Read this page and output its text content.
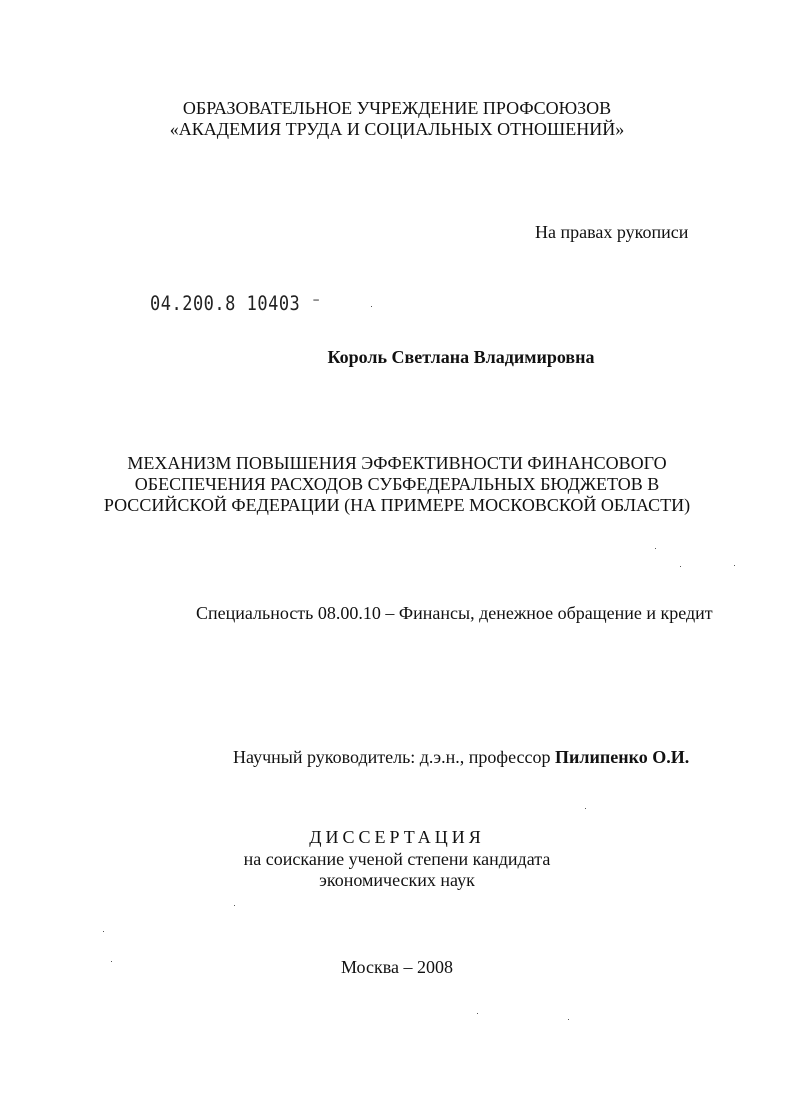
ОБРАЗОВАТЕЛЬНОЕ УЧРЕЖДЕНИЕ ПРОФСОЮЗОВ
«АКАДЕМИЯ ТРУДА И СОЦИАЛЬНЫХ ОТНОШЕНИЙ»
На правах рукописи
04.200.8 10403 ⁻
Король Светлана Владимировна
МЕХАНИЗМ ПОВЫШЕНИЯ ЭФФЕКТИВНОСТИ ФИНАНСОВОГО
ОБЕСПЕЧЕНИЯ РАСХОДОВ СУБФЕДЕРАЛЬНЫХ БЮДЖЕТОВ В
РОССИЙСКОЙ ФЕДЕРАЦИИ (НА ПРИМЕРЕ МОСКОВСКОЙ ОБЛАСТИ)
Специальность 08.00.10 – Финансы, денежное обращение и кредит
Научный руководитель: д.э.н., профессор Пилипенко О.И.
ДИССЕРТАЦИЯ
на соискание ученой степени кандидата
экономических наук
Москва – 2008
